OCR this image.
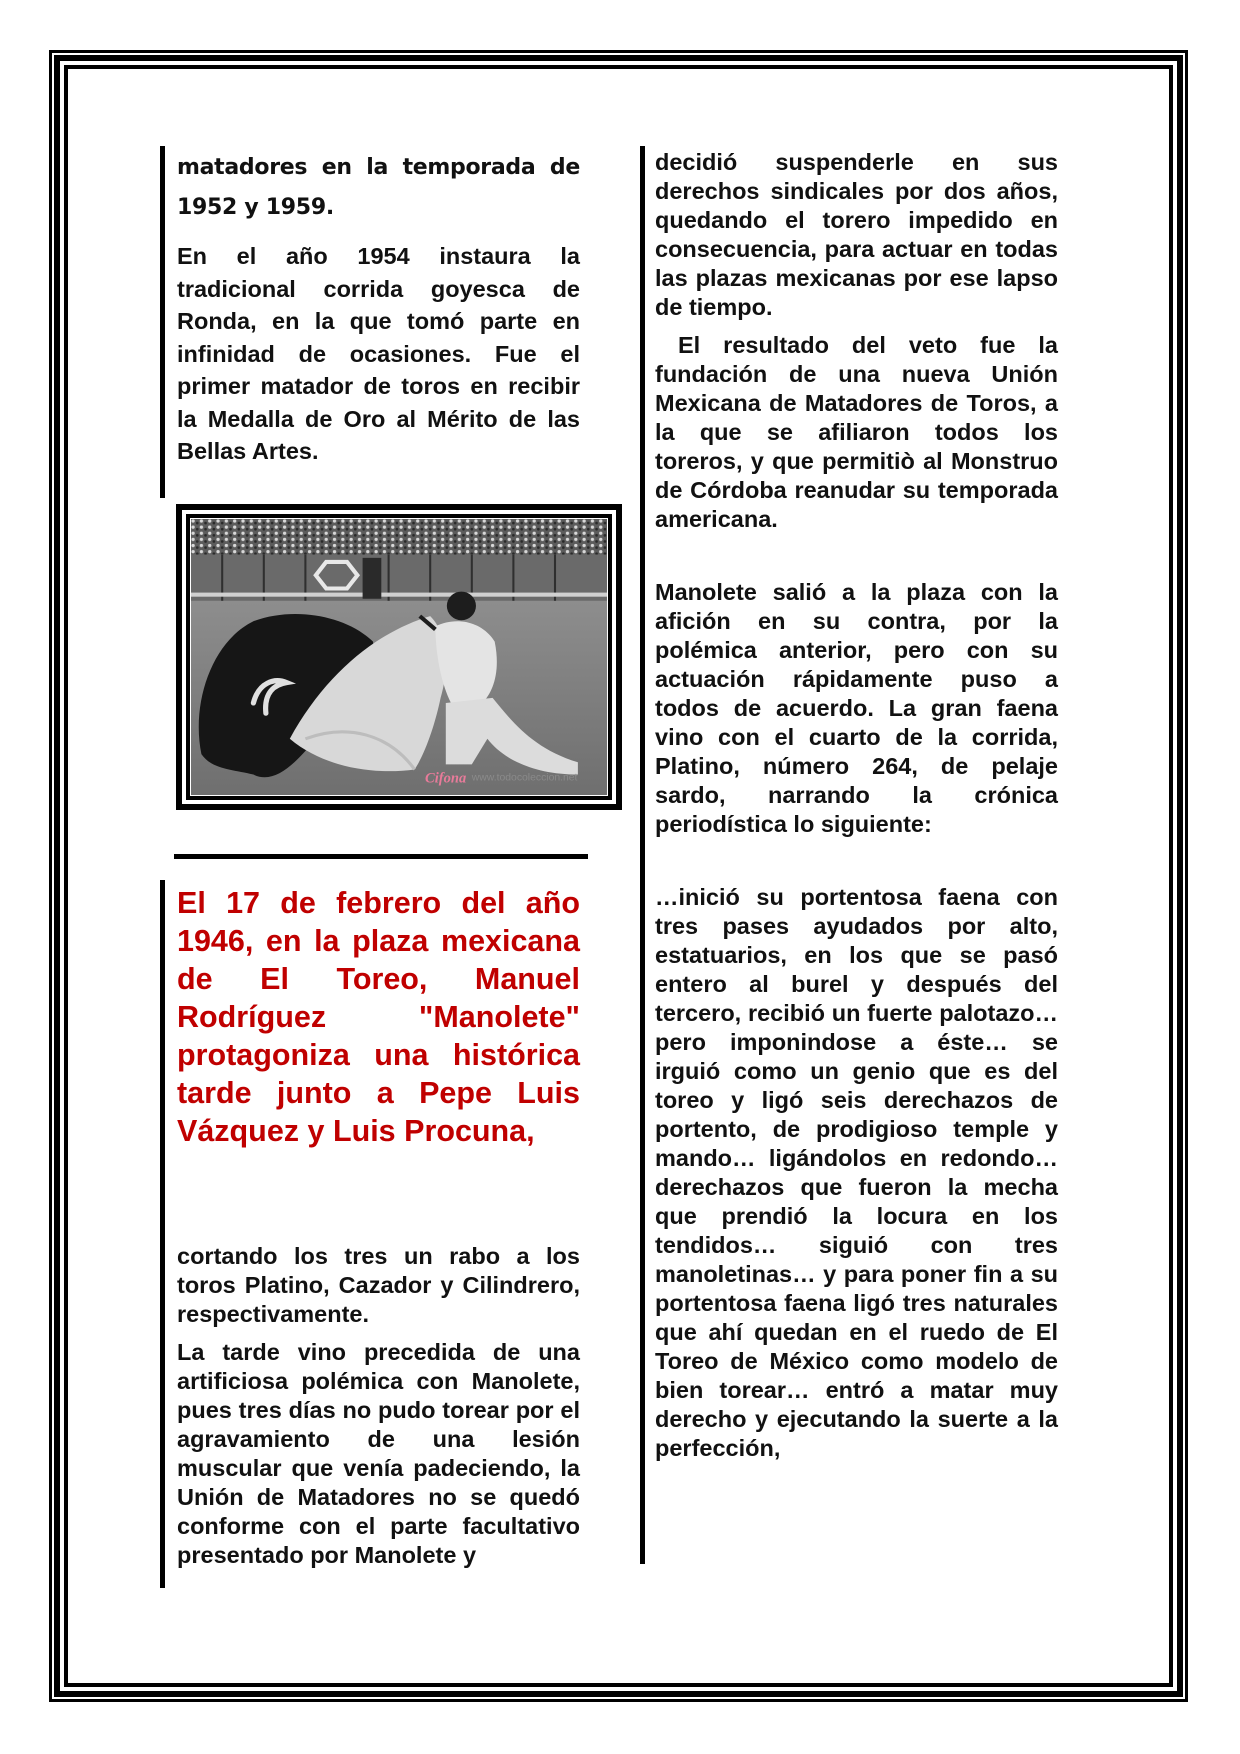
matadores en la temporada de

1952 y 1959.

En el año 1954 instaura la tradicional corrida goyesca de Ronda, en la que tomó parte en infinidad de ocasiones. Fue el primer matador de toros en recibir la Medalla de Oro al Mérito de las Bellas Artes.

Cifona www.todocoleccion.net

El 17 de febrero del año 1946, en la plaza mexicana de El Toreo, Manuel Rodríguez "Manolete" protagoniza una histórica tarde junto a Pepe Luis Vázquez y Luis Procuna,

cortando los tres un rabo a los toros Platino, Cazador y Cilindrero, respectivamente.

La tarde vino precedida de una artificiosa polémica con Manolete, pues tres días no pudo torear por el agravamiento de una lesión muscular que venía padeciendo, la Unión de Matadores no se quedó conforme con el parte facultativo presentado por Manolete y

decidió suspenderle en sus derechos sindicales por dos años, quedando el torero impedido en consecuencia, para actuar en todas las plazas mexicanas por ese lapso de tiempo.

El resultado del veto fue la fundación de una nueva Unión Mexicana de Matadores de Toros, a la que se afiliaron todos los toreros, y que permitiò al Monstruo de Córdoba reanudar su temporada americana.

Manolete salió a la plaza con la afición en su contra, por la polémica anterior, pero con su actuación rápidamente puso a todos de acuerdo. La gran faena vino con el cuarto de la corrida, Platino, número 264, de pelaje sardo, narrando la crónica periodística lo siguiente:

…inició su portentosa faena con tres pases ayudados por alto, estatuarios, en los que se pasó entero al burel y después del tercero, recibió un fuerte palotazo… pero imponindose a éste… se irguió como un genio que es del toreo y ligó seis derechazos de portento, de prodigioso temple y mando… ligándolos en redondo… derechazos que fueron la mecha que prendió la locura en los tendidos… siguió con tres manoletinas… y para poner fin a su portentosa faena ligó tres naturales que ahí quedan en el ruedo de El Toreo de México como modelo de bien torear… entró a matar muy derecho y ejecutando la suerte a la perfección,
